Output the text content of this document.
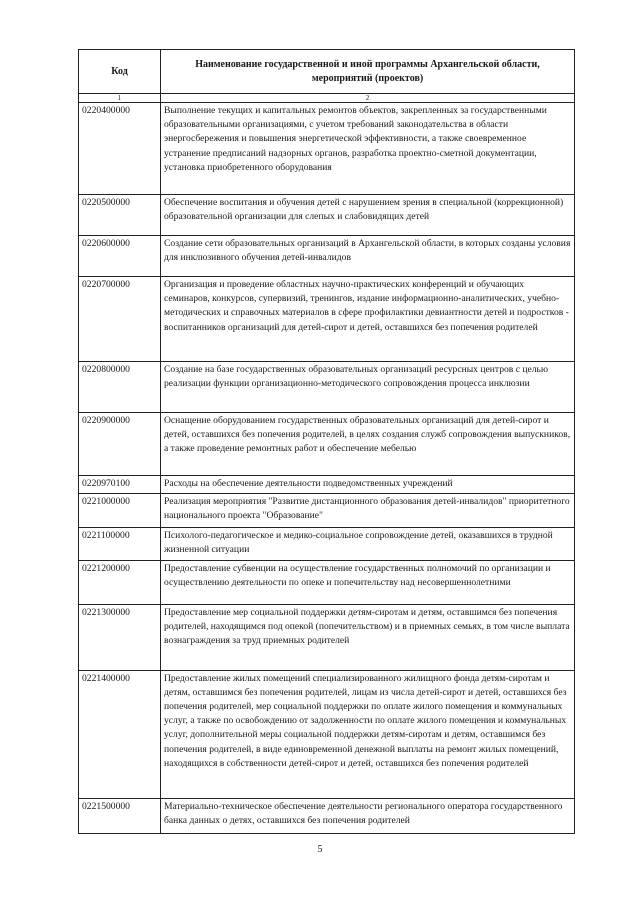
Код	Наименование государственной и иной программы Архангельской области, мероприятий (проектов)
1	2
0220400000	Выполнение текущих и капитальных ремонтов объектов, закрепленных за государственными образовательными организациями, с учетом требований законодательства в области энергосбережения и повышения энергетической эффективности, а также своевременное устранение предписаний надзорных органов, разработка проектно-сметной документации, установка приобретенного оборудования
0220500000	Обеспечение воспитания и обучения детей с нарушением зрения в специальной (коррекционной) образовательной организации для слепых и слабовидящих детей
0220600000	Создание сети образовательных организаций в Архангельской области, в которых созданы условия для инклюзивного обучения детей-инвалидов
0220700000	Организация и проведение областных научно-практических конференций и обучающих семинаров, конкурсов, супервизий, тренингов, издание информационно-аналитических, учебно-методических и справочных материалов в сфере профилактики девиантности детей и подростков - воспитанников организаций для детей-сирот и детей, оставшихся без попечения родителей
0220800000	Создание на базе государственных образовательных организаций ресурсных центров с целью реализации функции организационно-методического сопровождения процесса инклюзии
0220900000	Оснащение оборудованием государственных образовательных организаций для детей-сирот и детей, оставшихся без попечения родителей, в целях создания служб сопровождения выпускников, а также проведение ремонтных работ и обеспечение мебелью
0220970100	Расходы на обеспечение деятельности подведомственных учреждений
0221000000	Реализация мероприятия "Развитие дистанционного образования детей-инвалидов" приоритетного национального проекта "Образование"
0221100000	Психолого-педагогическое и медико-социальное сопровождение детей, оказавшихся в трудной жизненной ситуации
0221200000	Предоставление субвенции на осуществление государственных полномочий по организации и осуществлению деятельности по опеке и попечительству над несовершеннолетними
0221300000	Предоставление мер социальной поддержки детям-сиротам и детям, оставшимся без попечения родителей, находящимся под опекой (попечительством) и в приемных семьях, в том числе выплата вознаграждения за труд приемных родителей
0221400000	Предоставление жилых помещений специализированного жилищного фонда детям-сиротам и детям, оставшимся без попечения родителей, лицам из числа детей-сирот и детей, оставшихся без попечения родителей, мер социальной поддержки по оплате жилого помещения и коммунальных услуг, а также по освобождению от задолженности по оплате жилого помещения и коммунальных услуг, дополнительной меры социальной поддержки детям-сиротам и детям, оставшимся без попечения родителей, в виде единовременной денежной выплаты на ремонт жилых помещений, находящихся в собственности детей-сирот и детей, оставшихся без попечения родителей
0221500000	Материально-техническое обеспечение деятельности регионального оператора государственного банка данных о детях, оставшихся без попечения родителей
5
